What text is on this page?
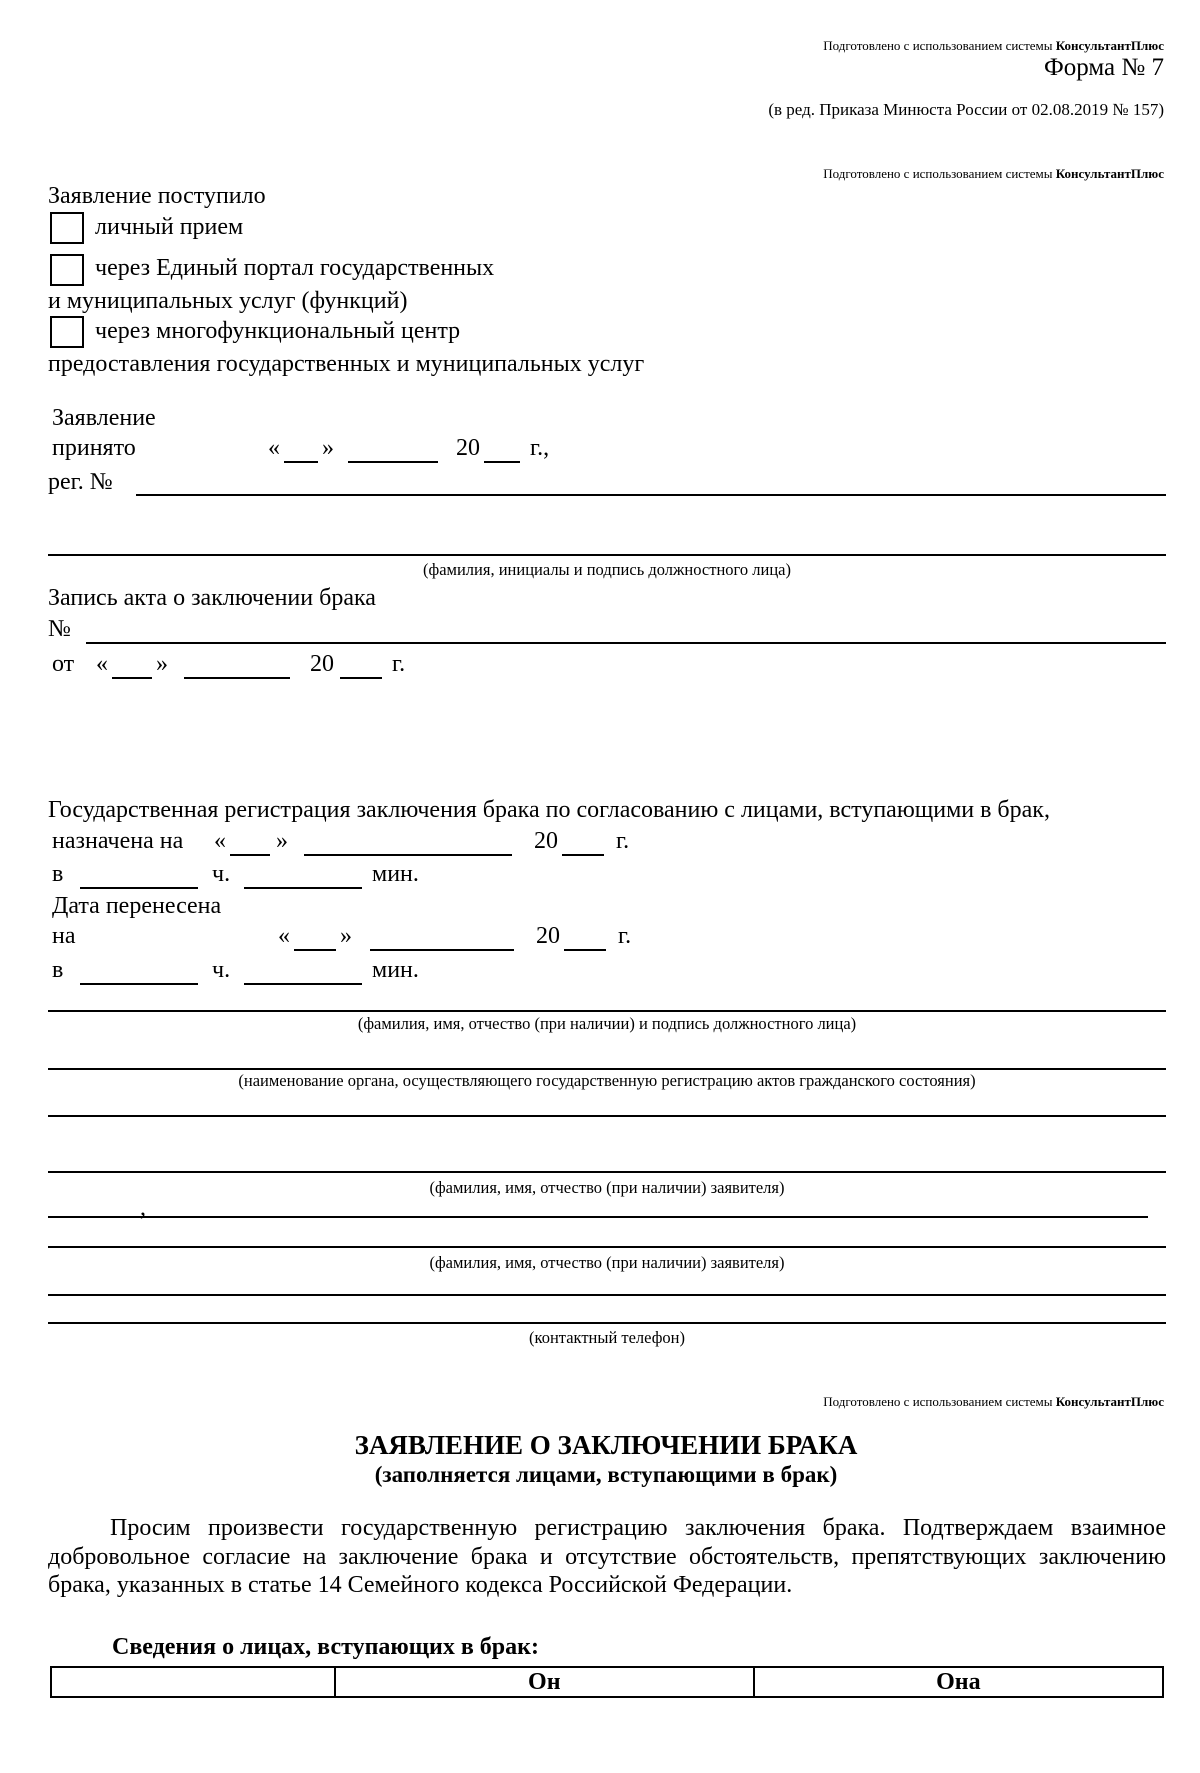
Подготовлено с использованием системы КонсультантПлюс
Форма № 7
(в ред. Приказа Минюста России от 02.08.2019 № 157)
Подготовлено с использованием системы КонсультантПлюс
Заявление поступило
личный прием
через Единый портал государственных
и муниципальных услуг (функций)
через многофункциональный центр
предоставления государственных и муниципальных услуг
Заявление
принято	« »	20 г.,
рег. №
(фамилия, инициалы и подпись должностного лица)
Запись акта о заключении брака
№
от « »	20 г.
Государственная регистрация заключения брака по согласованию с лицами, вступающими в брак,
назначена на « »	20 г.
в	ч.	мин.
Дата перенесена
на	« »	20 г.
в	ч.	мин.
(фамилия, имя, отчество (при наличии) и подпись должностного лица)
(наименование органа, осуществляющего государственную регистрацию актов гражданского состояния)
(фамилия, имя, отчество (при наличии) заявителя)
,
(фамилия, имя, отчество (при наличии) заявителя)
(контактный телефон)
Подготовлено с использованием системы КонсультантПлюс
ЗАЯВЛЕНИЕ О ЗАКЛЮЧЕНИИ БРАКА
(заполняется лицами, вступающими в брак)
Просим произвести государственную регистрацию заключения брака. Подтверждаем взаимное добровольное согласие на заключение брака и отсутствие обстоятельств, препятствующих заключению брака, указанных в статье 14 Семейного кодекса Российской Федерации.
Сведения о лицах, вступающих в брак:
	Он	Она
